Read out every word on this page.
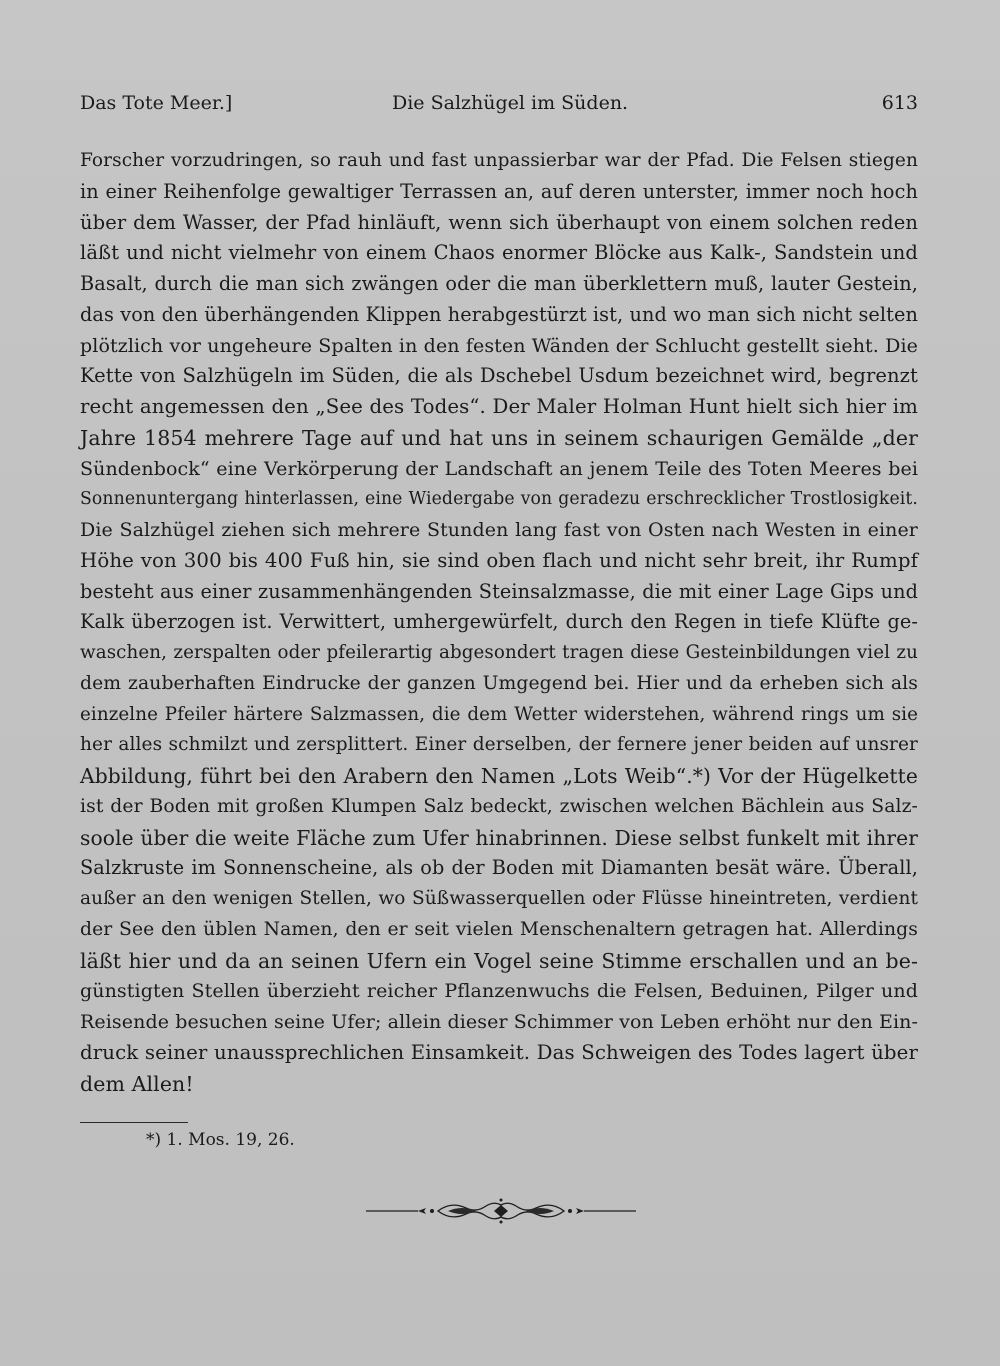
Das Tote Meer.]	Die Salzhügel im Süden.	613
Forscher vorzudringen, so rauh und fast unpassierbar war der Pfad. Die Felsen stiegen
in einer Reihenfolge gewaltiger Terrassen an, auf deren unterster, immer noch hoch
über dem Wasser, der Pfad hinläuft, wenn sich überhaupt von einem solchen reden
läßt und nicht vielmehr von einem Chaos enormer Blöcke aus Kalk-, Sandstein und
Basalt, durch die man sich zwängen oder die man überklettern muß, lauter Gestein,
das von den überhängenden Klippen herabgestürzt ist, und wo man sich nicht selten
plötzlich vor ungeheure Spalten in den festen Wänden der Schlucht gestellt sieht. Die
Kette von Salzhügeln im Süden, die als Dschebel Usdum bezeichnet wird, begrenzt
recht angemessen den „See des Todes“. Der Maler Holman Hunt hielt sich hier im
Jahre 1854 mehrere Tage auf und hat uns in seinem schaurigen Gemälde „der
Sündenbock“ eine Verkörperung der Landschaft an jenem Teile des Toten Meeres bei
Sonnenuntergang hinterlassen, eine Wiedergabe von geradezu erschrecklicher Trostlosigkeit.
Die Salzhügel ziehen sich mehrere Stunden lang fast von Osten nach Westen in einer
Höhe von 300 bis 400 Fuß hin, sie sind oben flach und nicht sehr breit, ihr Rumpf
besteht aus einer zusammenhängenden Steinsalzmasse, die mit einer Lage Gips und
Kalk überzogen ist. Verwittert, umhergewürfelt, durch den Regen in tiefe Klüfte ge-
waschen, zerspalten oder pfeilerartig abgesondert tragen diese Gesteinbildungen viel zu
dem zauberhaften Eindrucke der ganzen Umgegend bei. Hier und da erheben sich als
einzelne Pfeiler härtere Salzmassen, die dem Wetter widerstehen, während rings um sie
her alles schmilzt und zersplittert. Einer derselben, der fernere jener beiden auf unsrer
Abbildung, führt bei den Arabern den Namen „Lots Weib“.*) Vor der Hügelkette
ist der Boden mit großen Klumpen Salz bedeckt, zwischen welchen Bächlein aus Salz-
soole über die weite Fläche zum Ufer hinabrinnen. Diese selbst funkelt mit ihrer
Salzkruste im Sonnenscheine, als ob der Boden mit Diamanten besät wäre. Überall,
außer an den wenigen Stellen, wo Süßwasserquellen oder Flüsse hineintreten, verdient
der See den üblen Namen, den er seit vielen Menschenaltern getragen hat. Allerdings
läßt hier und da an seinen Ufern ein Vogel seine Stimme erschallen und an be-
günstigten Stellen überzieht reicher Pflanzenwuchs die Felsen, Beduinen, Pilger und
Reisende besuchen seine Ufer; allein dieser Schimmer von Leben erhöht nur den Ein-
druck seiner unaussprechlichen Einsamkeit. Das Schweigen des Todes lagert über
dem Allen!
*) 1. Mos. 19, 26.
